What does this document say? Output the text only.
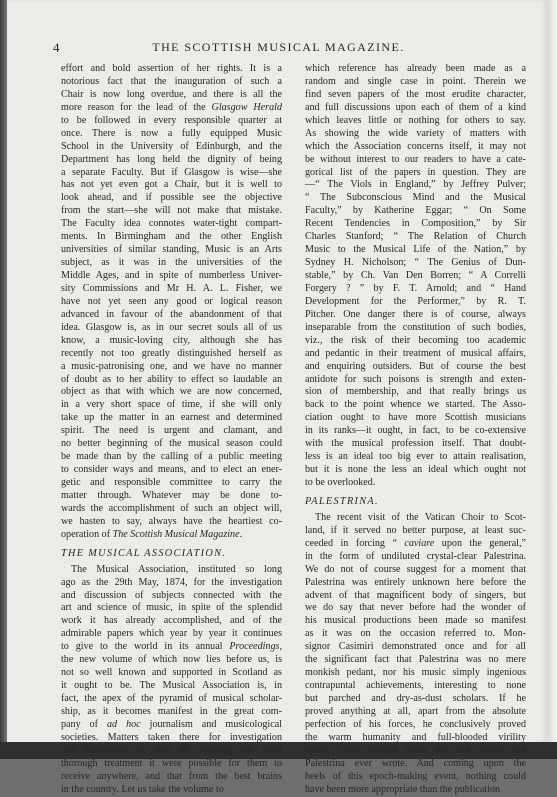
4	THE SCOTTISH MUSICAL MAGAZINE.
effort and bold assertion of her rights. It is a
notorious fact that the inauguration of such a
Chair is now long overdue, and there is all the
more reason for the lead of the Glasgow Herald
to be followed in every responsible quarter at
once. There is now a fully equipped Music
School in the University of Edinburgh, and the
Department has long held the dignity of being
a separate Faculty. But if Glasgow is wise—she
has not yet even got a Chair, but it is well to
look ahead, and if possible see the objective
from the start—she will not make that mistake.
The Faculty idea connotes water-tight compart-
ments. In Birmingham and the other English
universities of similar standing, Music is an Arts
subject, as it was in the universities of the
Middle Ages, and in spite of numberless Univer-
sity Commissions and Mr H. A. L. Fisher, we
have not yet seen any good or logical reason
advanced in favour of the abandonment of that
idea. Glasgow is, as in our secret souls all of us
know, a music-loving city, although she has
recently not too greatly distinguished herself as
a music-patronising one, and we have no manner
of doubt as to her ability to effect so laudable an
object as that with which we are now concerned,
in a very short space of time, if she will only
take up the matter in an earnest and determined
spirit. The need is urgent and clamant, and
no better beginning of the musical season could
be made than by the calling of a public meeting
to consider ways and means, and to elect an ener-
getic and responsible committee to carry the
matter through. Whatever may be done to-
wards the accomplishment of such an object will,
we hasten to say, always have the heartiest co-
operation of The Scottish Musical Magazine.
THE MUSICAL ASSOCIATION.
The Musical Association, instituted so long
ago as the 29th May, 1874, for the investigation
and discussion of subjects connected with the
art and science of music, in spite of the splendid
work it has already accomplished, and of the
admirable papers which year by year it continues
to give to the world in its annual Proceedings,
the new volume of which now lies before us, is
not so well known and supported in Scotland as
it ought to be. The Musical Association is, in
fact, the apex of the pyramid of musical scholar-
ship, as it becomes manifest in the great com-
pany of ad hoc journalism and musicological
societies. Matters taken there for investigation
and discussion are sure of receiving the most
thorough treatment it were possible for them to
receive anywhere, and that from the best brains
in the country. Let us take the volume to
which reference has already been made as a
random and single case in point. Therein we
find seven papers of the most erudite character,
and full discussions upon each of them of a kind
which leaves little or nothing for others to say.
As showing the wide variety of matters with
which the Association concerns itself, it may not
be without interest to our readers to have a cate-
gorical list of the papers in question. They are
—“ The Viols in England,” by Jeffrey Pulver;
“ The Subconscious Mind and the Musical
Faculty,” by Katherine Eggar; “ On Some
Recent Tendencies in Composition,” by Sir
Charles Stanford; “ The Relation of Church
Music to the Musical Life of the Nation,” by
Sydney H. Nicholson; “ The Genius of Dun-
stable,” by Ch. Van Den Borren; “ A Correlli
Forgery ? ” by F. T. Arnold; and “ Hand
Development for the Performer,” by R. T.
Pitcher. One danger there is of course, always
inseparable from the constitution of such bodies,
viz., the risk of their becoming too academic
and pedantic in their treatment of musical affairs,
and enquiring outsiders. But of course the best
antidote for such poisons is strength and exten-
sion of membership, and that really brings us
back to the point whence we started. The Asso-
ciation ought to have more Scottish musicians
in its ranks—it ought, in fact, to be co-extensive
with the musical profession itself. That doubt-
less is an ideal too big ever to attain realisation,
but it is none the less an ideal which ought not
to be overlooked.
PALESTRINA.
The recent visit of the Vatican Choir to Scot-
land, if it served no better purpose, at least suc-
ceeded in forcing “ caviare upon the general,”
in the form of undiluted crystal-clear Palestrina.
We do not of course suggest for a moment that
Palestrina was entirely unknown here before the
advent of that magnificent body of singers, but
we do say that never before had the wonder of
his musical productions been made so manifest
as it was on the occasion referred to. Mon-
signor Casimiri demonstrated once and for all
the significant fact that Palestrina was no mere
monkish pedant, nor his music simply ingenious
contrapuntal achievements, interesting to none
but parched and dry-as-dust scholars. If he
proved anything at all, apart from the absolute
perfection of his forces, he conclusively proved
the warm humanity and full-blooded virility
which flows through every bar and phrase that
Palestrina ever wrote. And coming upon the
heels of this epoch-making event, nothing could
have been more appropriate than the publication
